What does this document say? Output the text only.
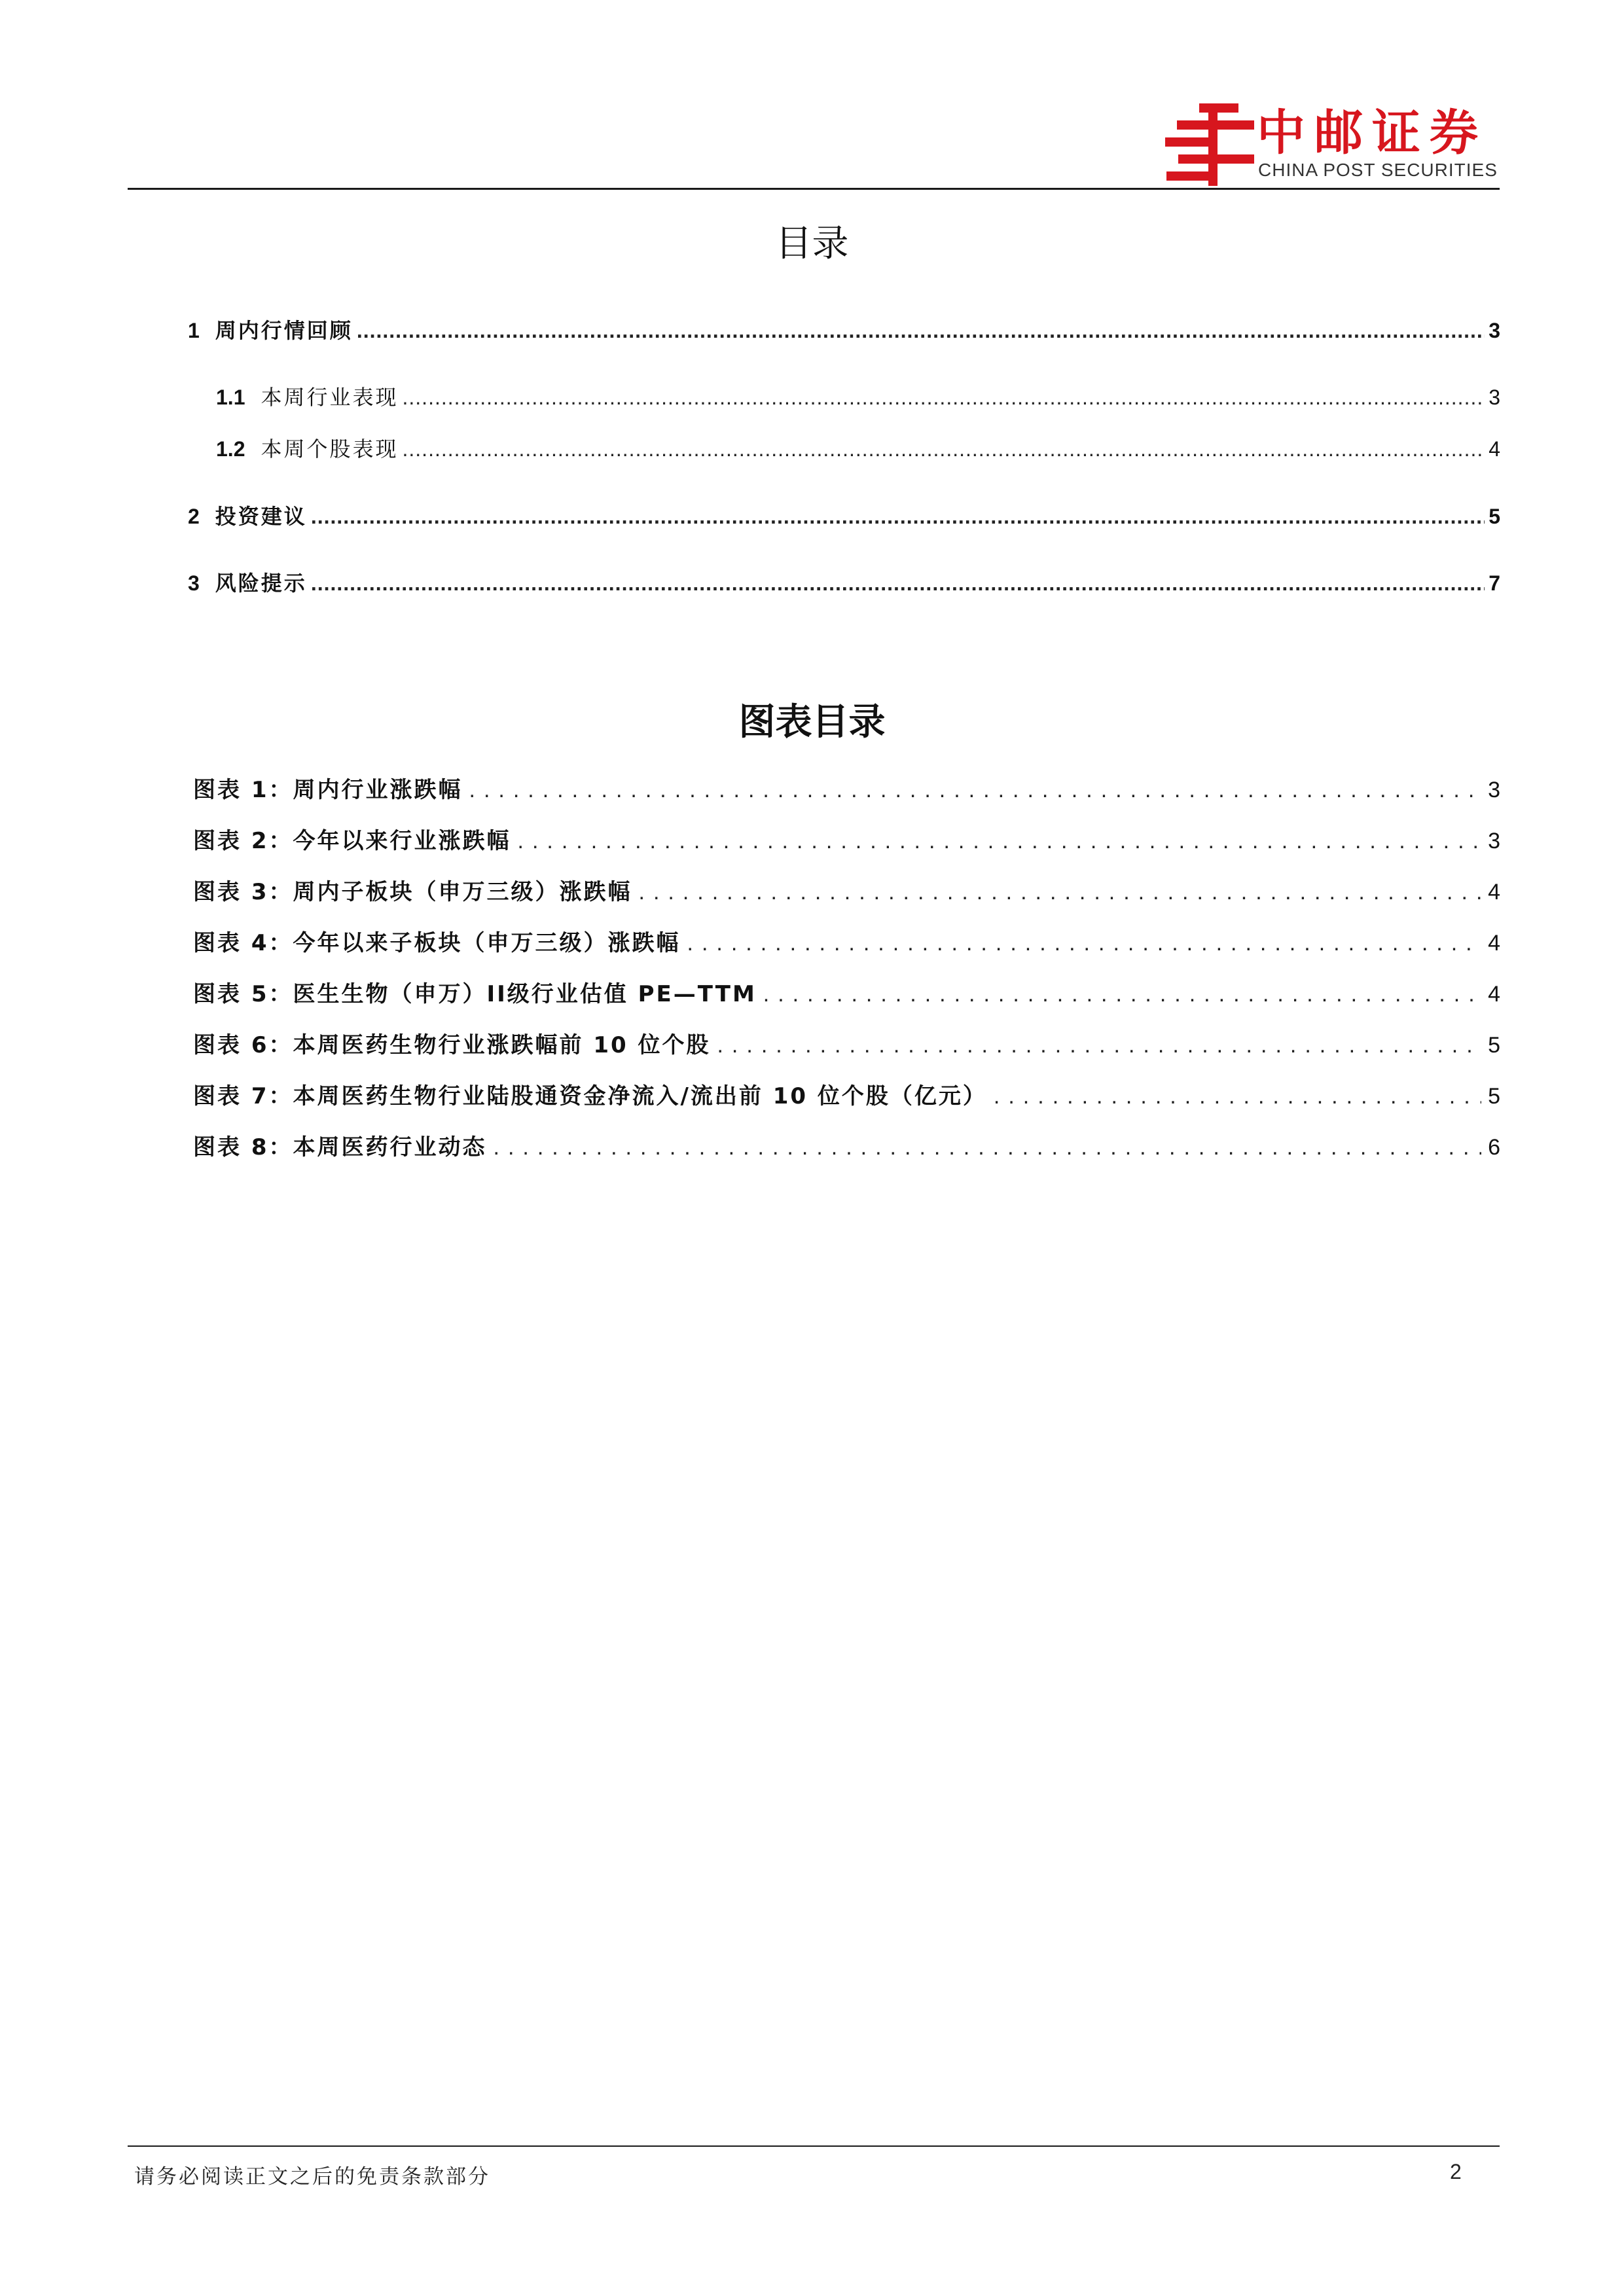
中邮证券
CHINA POST SECURITIES
目录
1 周内行情回顾 .....	3
1.1 本周行业表现 .....	3
1.2 本周个股表现 .....	4
2 投资建议 .....	5
3 风险提示 .....	7
图表目录
图表 1：周内行业涨跌幅 .....	3
图表 2：今年以来行业涨跌幅 .....	3
图表 3：周内子板块（申万三级）涨跌幅 .....	4
图表 4：今年以来子板块（申万三级）涨跌幅 .....	4
图表 5：医生生物（申万）II级行业估值 PE—TTM .....	4
图表 6：本周医药生物行业涨跌幅前 10 位个股 .....	5
图表 7：本周医药生物行业陆股通资金净流入/流出前 10 位个股（亿元） .....	5
图表 8：本周医药行业动态 .....	6
请务必阅读正文之后的免责条款部分	2
